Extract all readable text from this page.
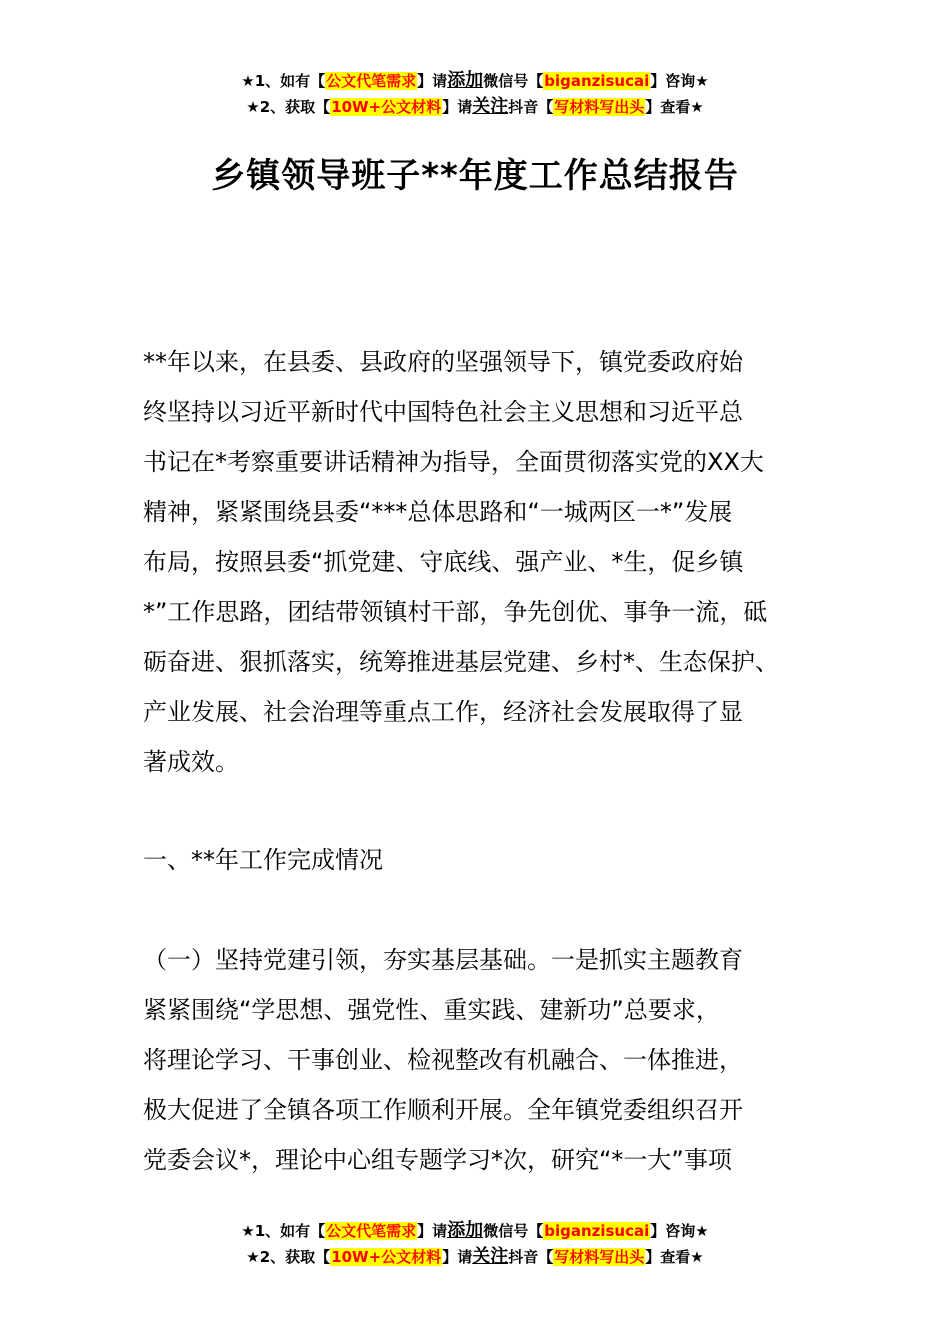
★1、如有【公文代笔需求】请添加微信号【biganzisucai】咨询★
★2、获取【10W+公文材料】请关注抖音【写材料写出头】查看★
乡镇领导班子**年度工作总结报告
**年以来，在县委、县政府的坚强领导下，镇党委政府始
终坚持以习近平新时代中国特色社会主义思想和习近平总
书记在*考察重要讲话精神为指导，全面贯彻落实党的XX大
精神，紧紧围绕县委“***总体思路和“一城两区一*”发展
布局，按照县委“抓党建、守底线、强产业、*生，促乡镇
*”工作思路，团结带领镇村干部，争先创优、事争一流，砥
砺奋进、狠抓落实，统筹推进基层党建、乡村*、生态保护、
产业发展、社会治理等重点工作，经济社会发展取得了显
著成效。
一、**年工作完成情况
（一）坚持党建引领，夯实基层基础。一是抓实主题教育
紧紧围绕“学思想、强党性、重实践、建新功”总要求，
将理论学习、干事创业、检视整改有机融合、一体推进，
极大促进了全镇各项工作顺利开展。全年镇党委组织召开
党委会议*，理论中心组专题学习*次，研究“*一大”事项
★1、如有【公文代笔需求】请添加微信号【biganzisucai】咨询★
★2、获取【10W+公文材料】请关注抖音【写材料写出头】查看★
